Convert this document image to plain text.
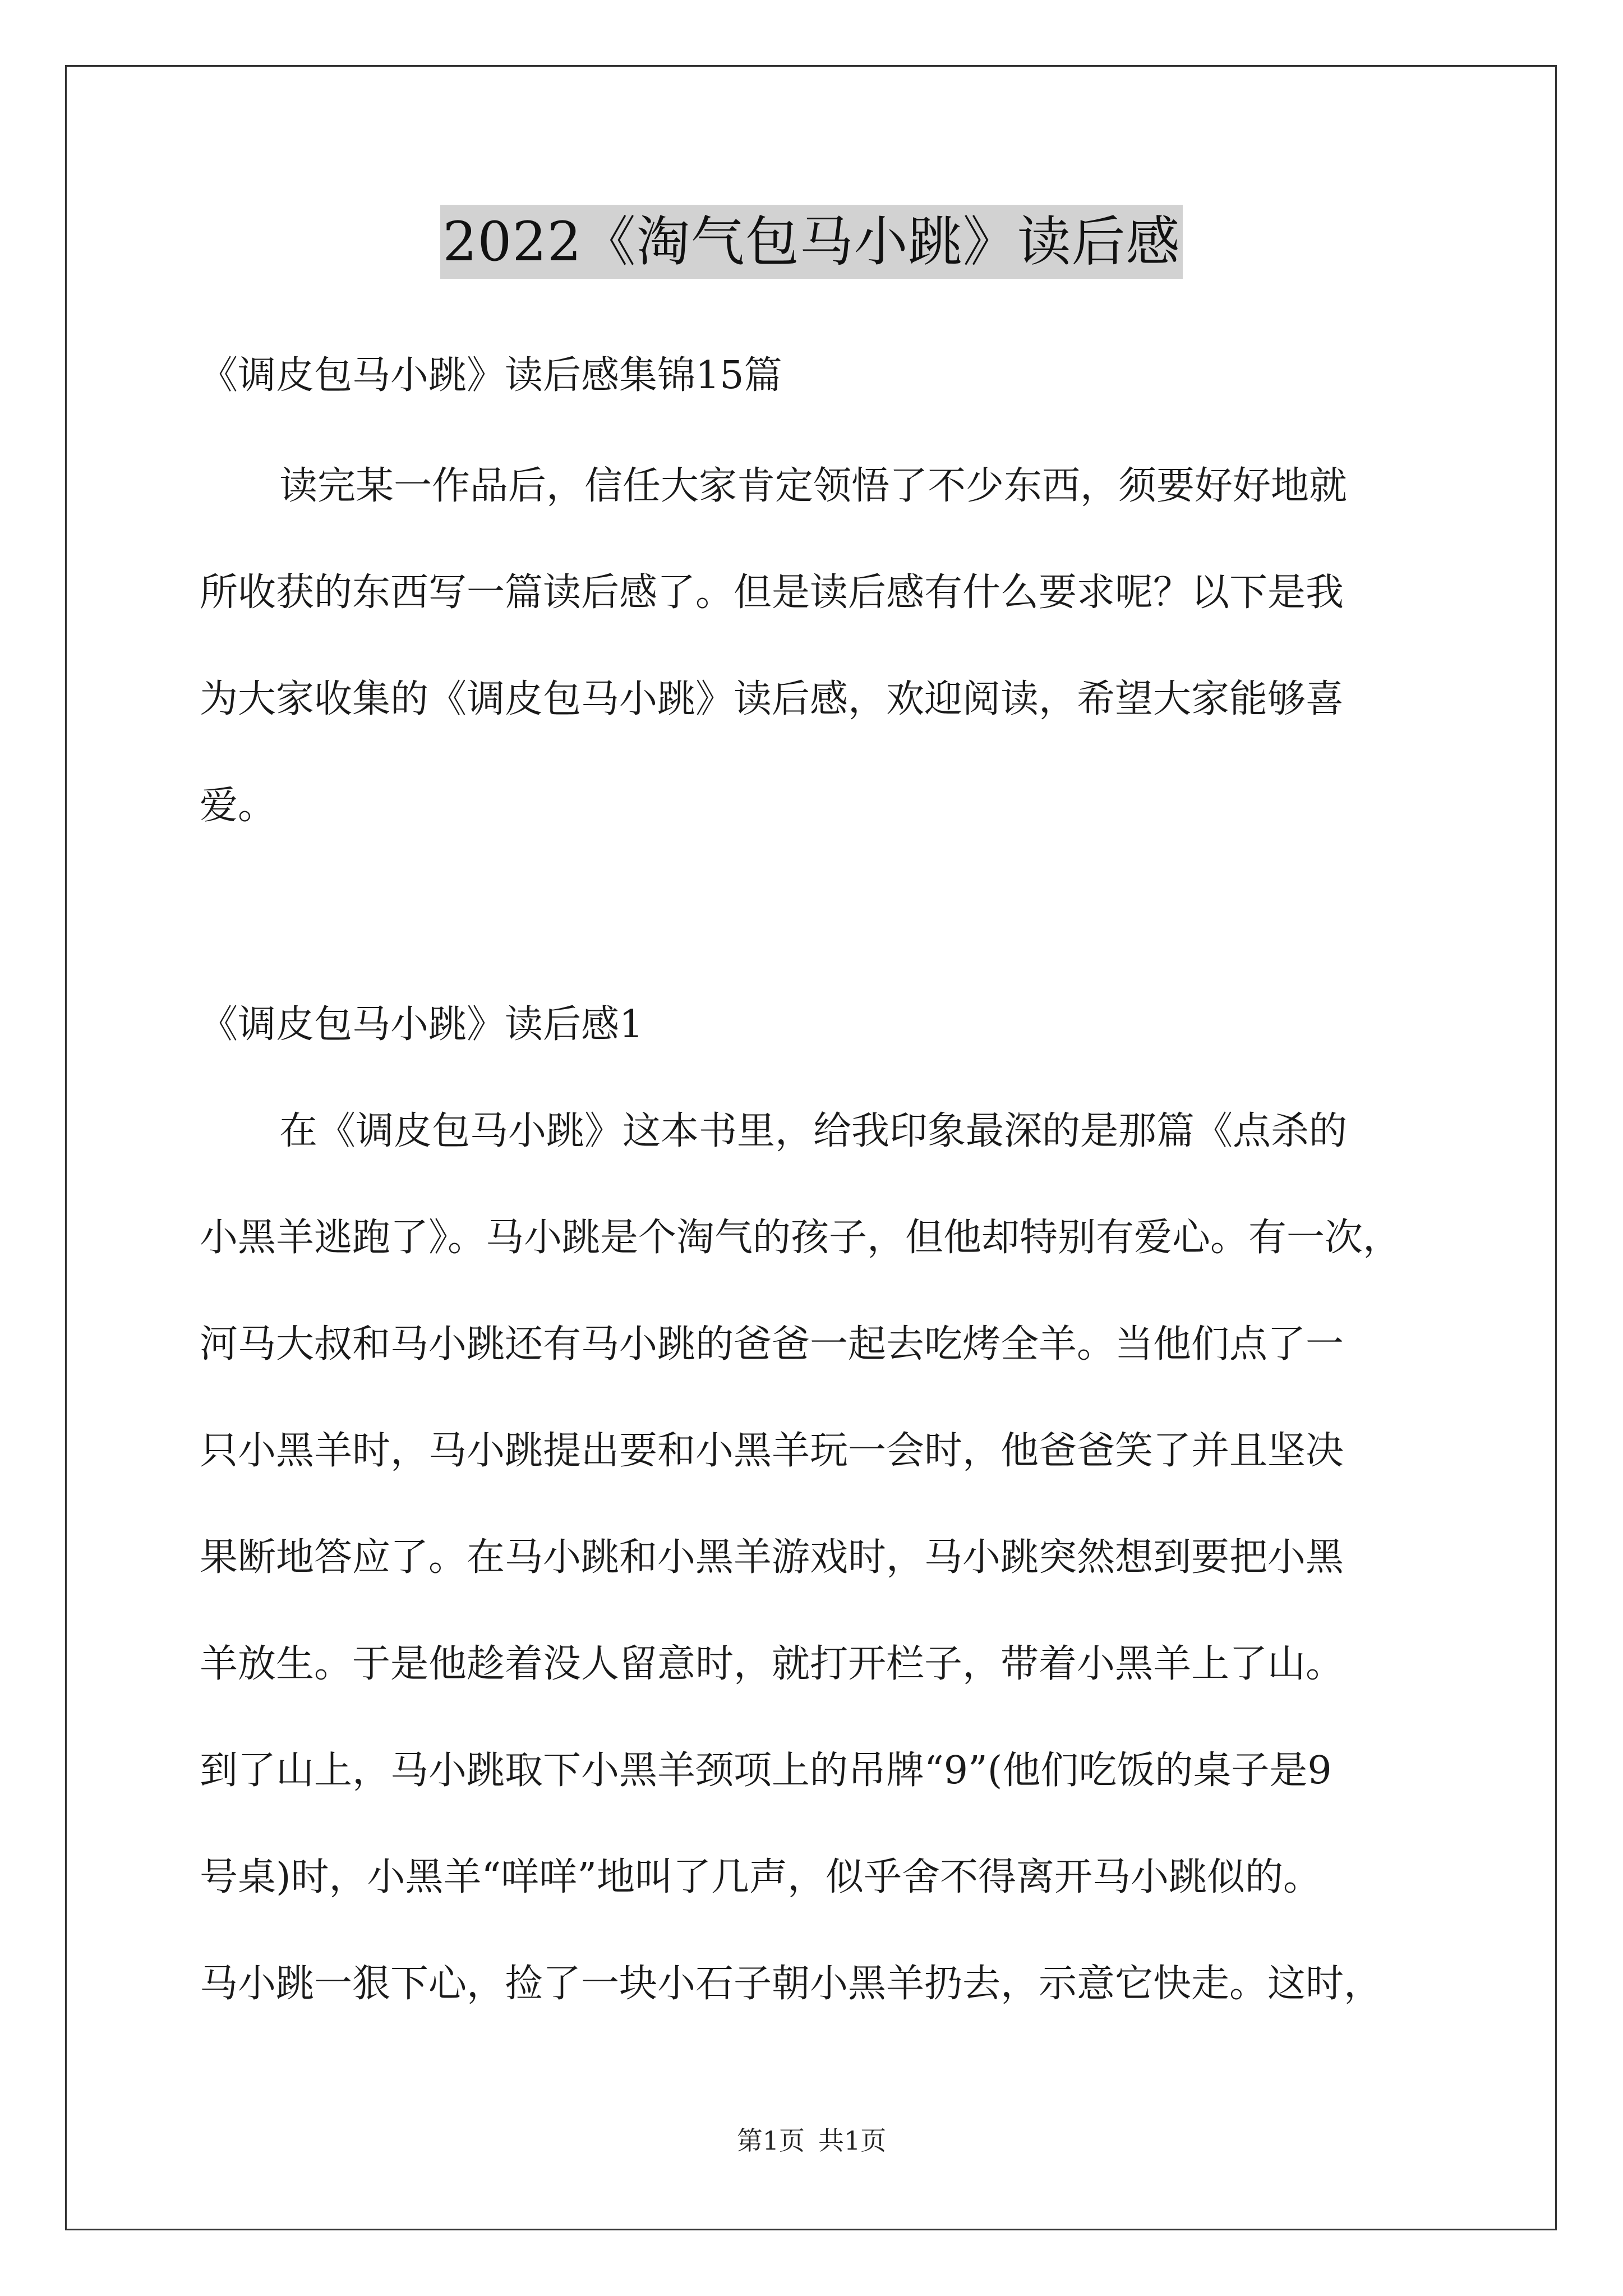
2022《淘气包马小跳》读后感
《调皮包马小跳》读后感集锦15篇
读完某一作品后，信任大家肯定领悟了不少东西，须要好好地就
所收获的东西写一篇读后感了。但是读后感有什么要求呢？以下是我
为大家收集的《调皮包马小跳》读后感，欢迎阅读，希望大家能够喜
爱。
《调皮包马小跳》读后感1
在《调皮包马小跳》这本书里，给我印象最深的是那篇《点杀的
小黑羊逃跑了》。马小跳是个淘气的孩子，但他却特别有爱心。有一次，
河马大叔和马小跳还有马小跳的爸爸一起去吃烤全羊。当他们点了一
只小黑羊时，马小跳提出要和小黑羊玩一会时，他爸爸笑了并且坚决
果断地答应了。在马小跳和小黑羊游戏时，马小跳突然想到要把小黑
羊放生。于是他趁着没人留意时，就打开栏子，带着小黑羊上了山。
到了山上，马小跳取下小黑羊颈项上的吊牌“9”(他们吃饭的桌子是9
号桌)时，小黑羊“咩咩”地叫了几声，似乎舍不得离开马小跳似的。
马小跳一狠下心，捡了一块小石子朝小黑羊扔去，示意它快走。这时，
第1页 共1页
